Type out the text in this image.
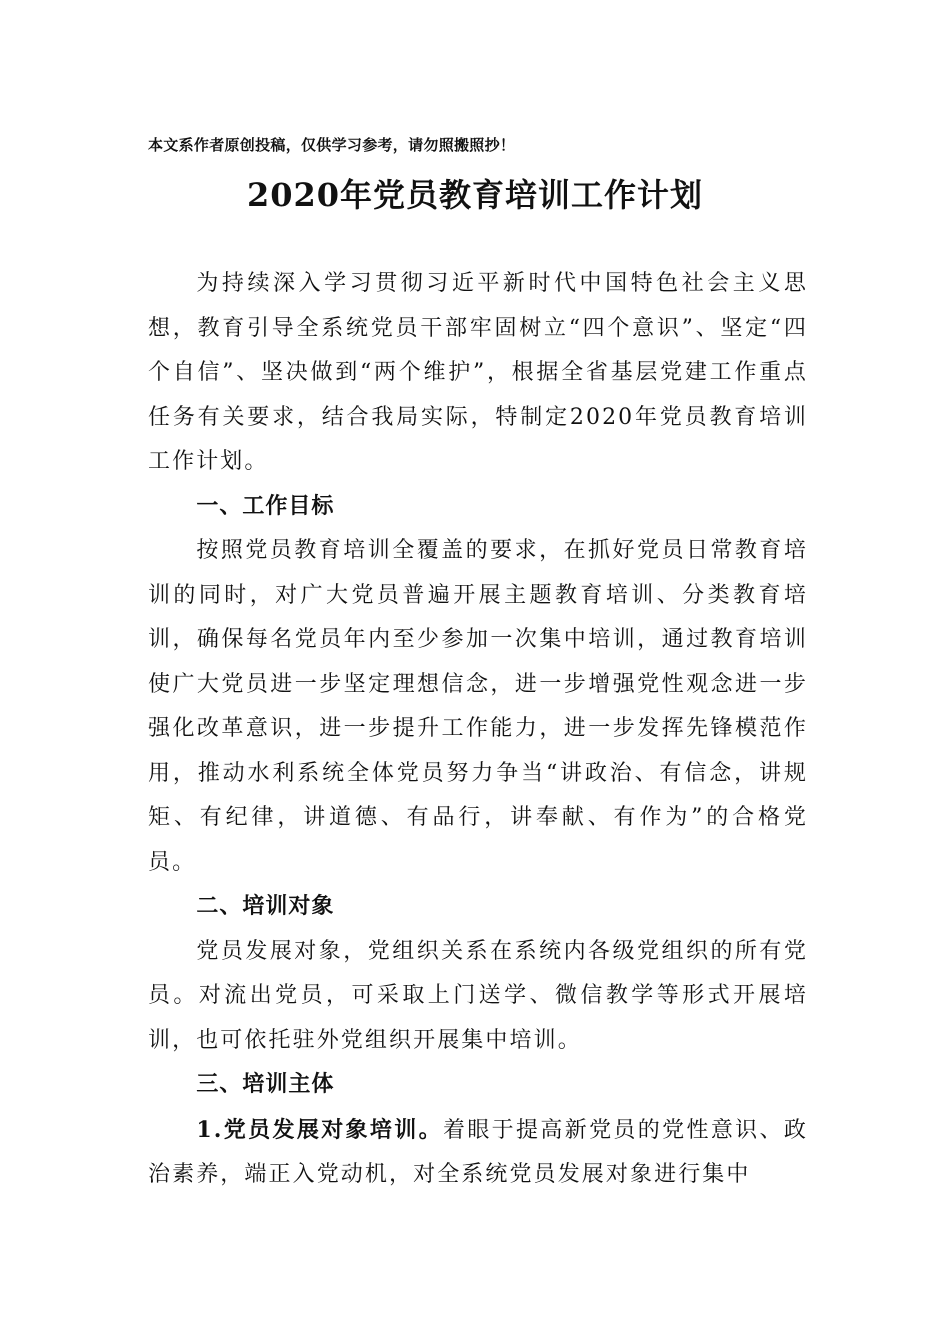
本文系作者原创投稿，仅供学习参考，请勿照搬照抄！
2020年党员教育培训工作计划

为持续深入学习贯彻习近平新时代中国特色社会主义思想，教育引导全系统党员干部牢固树立“四个意识”、坚定“四个自信”、坚决做到“两个维护”，根据全省基层党建工作重点任务有关要求，结合我局实际，特制定2020年党员教育培训工作计划。

一、工作目标

按照党员教育培训全覆盖的要求，在抓好党员日常教育培训的同时，对广大党员普遍开展主题教育培训、分类教育培训，确保每名党员年内至少参加一次集中培训，通过教育培训使广大党员进一步坚定理想信念，进一步增强党性观念进一步强化改革意识，进一步提升工作能力，进一步发挥先锋模范作用，推动水利系统全体党员努力争当“讲政治、有信念，讲规矩、有纪律，讲道德、有品行，讲奉献、有作为”的合格党员。

二、培训对象

党员发展对象，党组织关系在系统内各级党组织的所有党员。对流出党员，可采取上门送学、微信教学等形式开展培训，也可依托驻外党组织开展集中培训。

三、培训主体

1.党员发展对象培训。着眼于提高新党员的党性意识、政治素养，端正入党动机，对全系统党员发展对象进行集中
